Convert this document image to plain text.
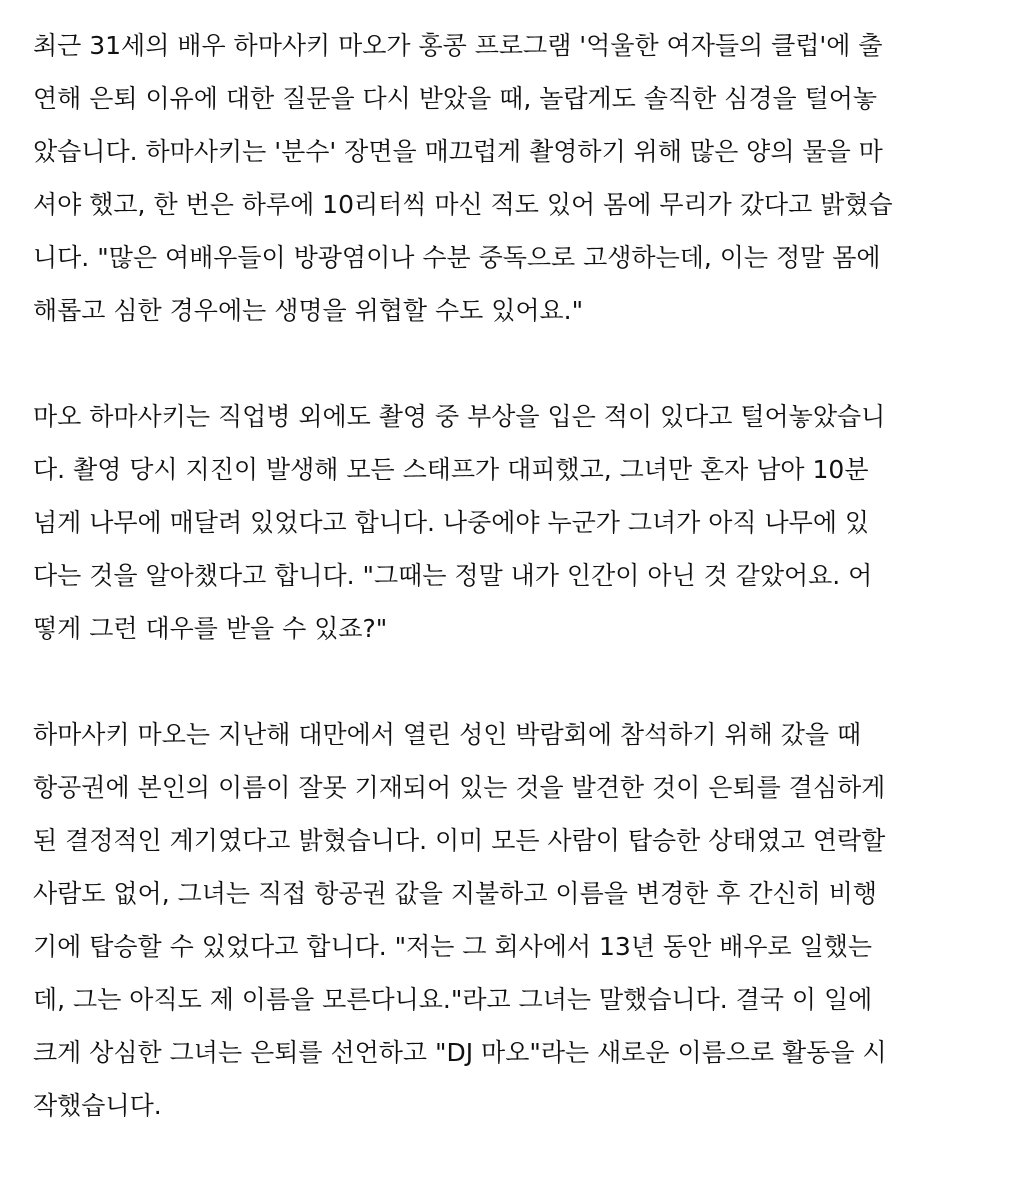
최근 31세의 배우 하마사키 마오가 홍콩 프로그램 '억울한 여자들의 클럽'에 출
연해 은퇴 이유에 대한 질문을 다시 받았을 때, 놀랍게도 솔직한 심경을 털어놓
았습니다. 하마사키는 '분수' 장면을 매끄럽게 촬영하기 위해 많은 양의 물을 마
셔야 했고, 한 번은 하루에 10리터씩 마신 적도 있어 몸에 무리가 갔다고 밝혔습
니다. "많은 여배우들이 방광염이나 수분 중독으로 고생하는데, 이는 정말 몸에
해롭고 심한 경우에는 생명을 위협할 수도 있어요."
마오 하마사키는 직업병 외에도 촬영 중 부상을 입은 적이 있다고 털어놓았습니
다. 촬영 당시 지진이 발생해 모든 스태프가 대피했고, 그녀만 혼자 남아 10분
넘게 나무에 매달려 있었다고 합니다. 나중에야 누군가 그녀가 아직 나무에 있
다는 것을 알아챘다고 합니다. "그때는 정말 내가 인간이 아닌 것 같았어요. 어
떻게 그런 대우를 받을 수 있죠?"
하마사키 마오는 지난해 대만에서 열린 성인 박람회에 참석하기 위해 갔을 때
항공권에 본인의 이름이 잘못 기재되어 있는 것을 발견한 것이 은퇴를 결심하게
된 결정적인 계기였다고 밝혔습니다. 이미 모든 사람이 탑승한 상태였고 연락할
사람도 없어, 그녀는 직접 항공권 값을 지불하고 이름을 변경한 후 간신히 비행
기에 탑승할 수 있었다고 합니다. "저는 그 회사에서 13년 동안 배우로 일했는
데, 그는 아직도 제 이름을 모른다니요."라고 그녀는 말했습니다. 결국 이 일에
크게 상심한 그녀는 은퇴를 선언하고 "DJ 마오"라는 새로운 이름으로 활동을 시
작했습니다.
